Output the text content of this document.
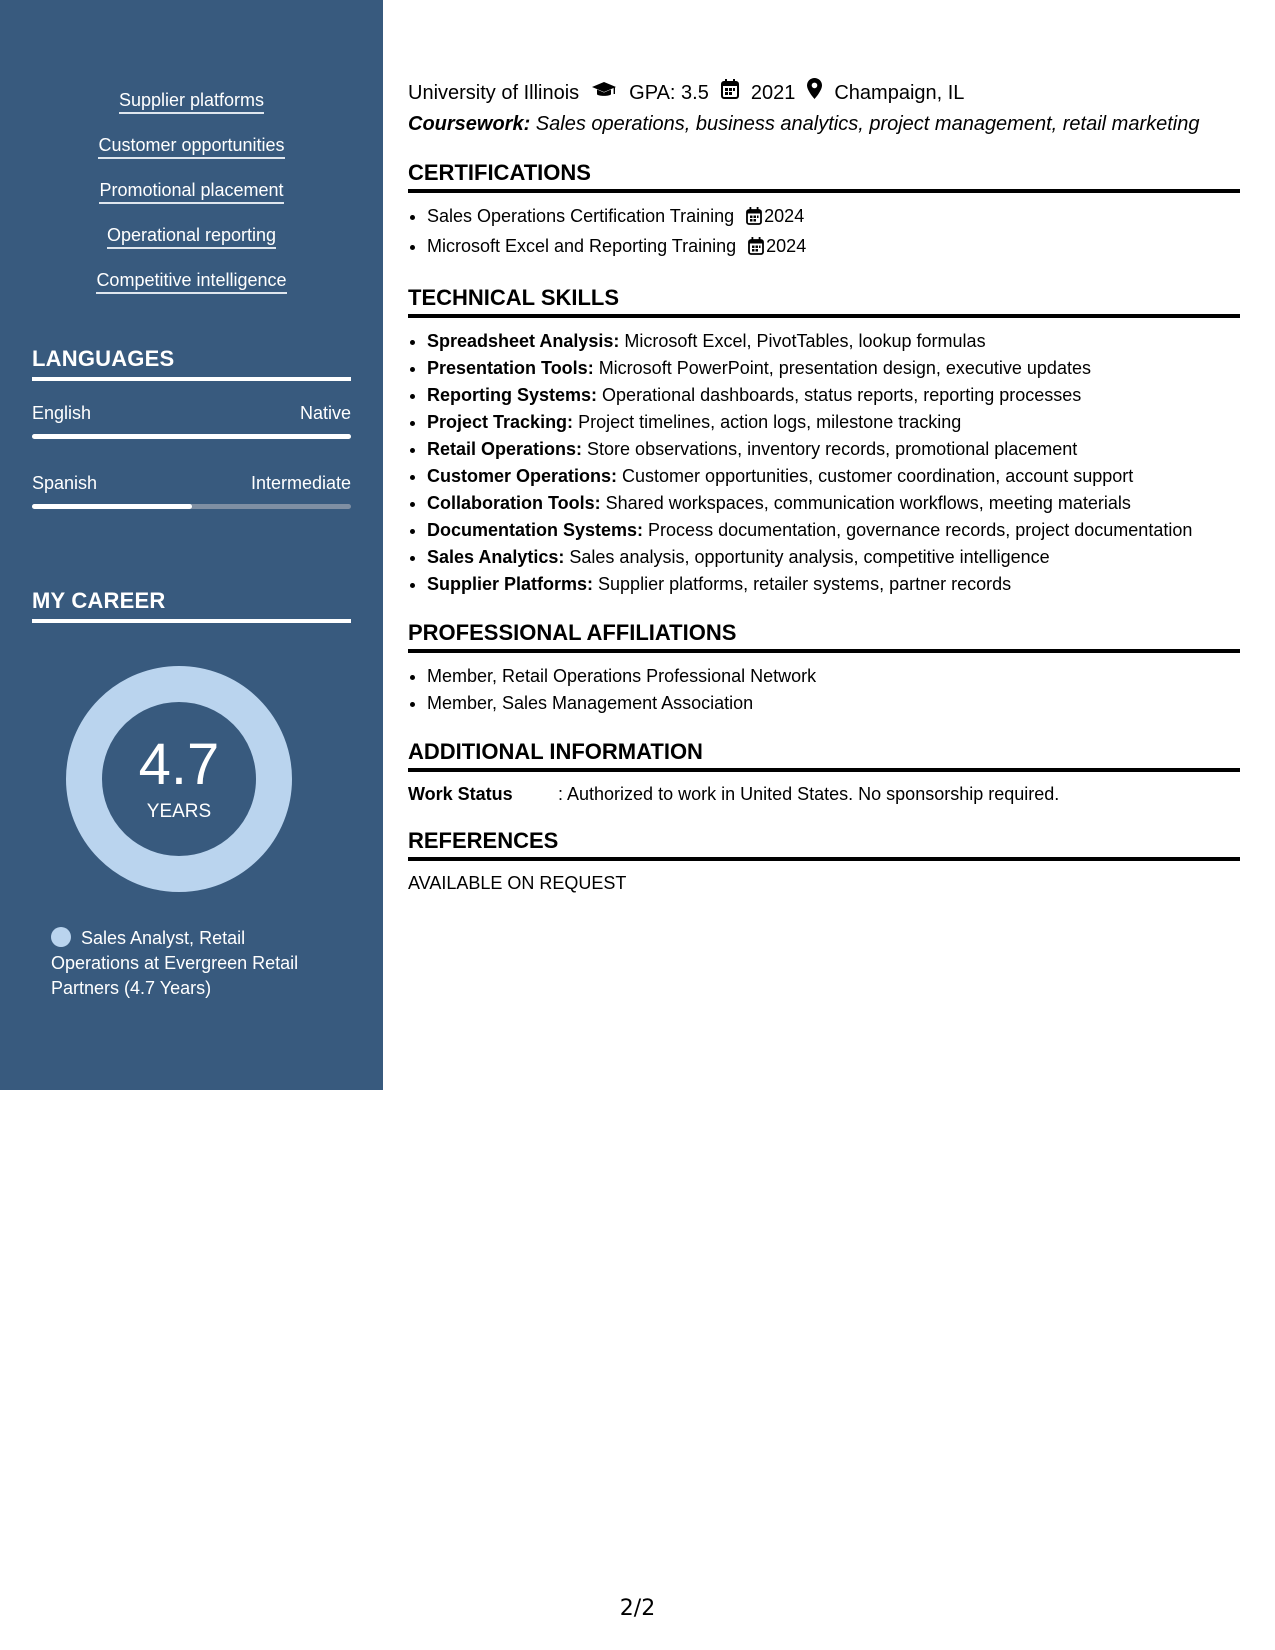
Supplier platforms
Customer opportunities
Promotional placement
Operational reporting
Competitive intelligence
LANGUAGES
English	Native
Spanish	Intermediate
MY CAREER
4.7
YEARS
Sales Analyst, Retail Operations at Evergreen Retail Partners (4.7 Years)
University of Illinois	GPA: 3.5 2021 Champaign, IL
Coursework: Sales operations, business analytics, project management, retail marketing
CERTIFICATIONS
• Sales Operations Certification Training 2024
• Microsoft Excel and Reporting Training 2024
TECHNICAL SKILLS
• Spreadsheet Analysis: Microsoft Excel, PivotTables, lookup formulas
• Presentation Tools: Microsoft PowerPoint, presentation design, executive updates
• Reporting Systems: Operational dashboards, status reports, reporting processes
• Project Tracking: Project timelines, action logs, milestone tracking
• Retail Operations: Store observations, inventory records, promotional placement
• Customer Operations: Customer opportunities, customer coordination, account support
• Collaboration Tools: Shared workspaces, communication workflows, meeting materials
• Documentation Systems: Process documentation, governance records, project documentation
• Sales Analytics: Sales analysis, opportunity analysis, competitive intelligence
• Supplier Platforms: Supplier platforms, retailer systems, partner records
PROFESSIONAL AFFILIATIONS
• Member, Retail Operations Professional Network
• Member, Sales Management Association
ADDITIONAL INFORMATION
Work Status	: Authorized to work in United States. No sponsorship required.
REFERENCES
AVAILABLE ON REQUEST
2/2
